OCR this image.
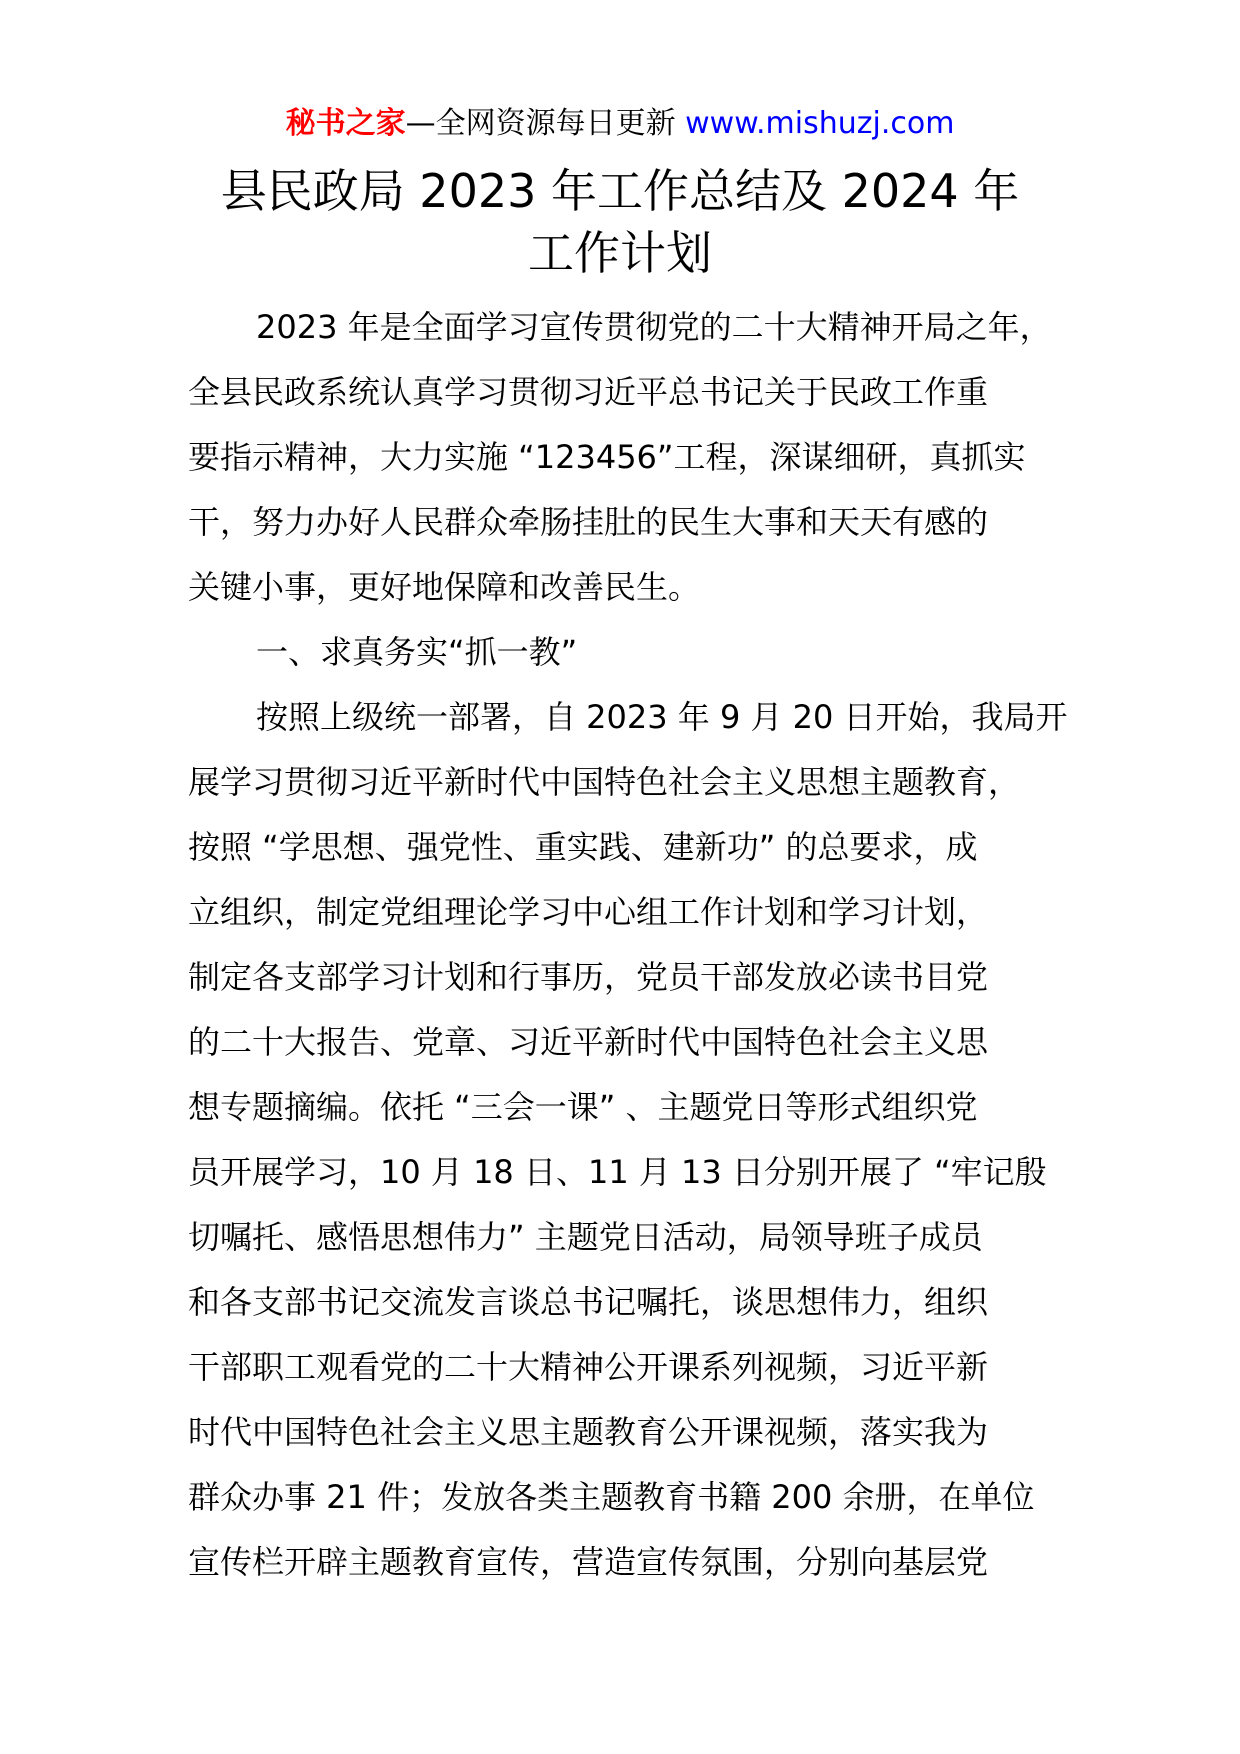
秘书之家—全网资源每日更新 www.mishuzj.com
县民政局 2023 年工作总结及 2024 年
工作计划
2023 年是全面学习宣传贯彻党的二十大精神开局之年，
全县民政系统认真学习贯彻习近平总书记关于民政工作重
要指示精神，大力实施 “123456”工程，深谋细研，真抓实
干，努力办好人民群众牵肠挂肚的民生大事和天天有感的
关键小事，更好地保障和改善民生。
一、求真务实“抓一教”
按照上级统一部署，自 2023 年 9 月 20 日开始，我局开
展学习贯彻习近平新时代中国特色社会主义思想主题教育，
按照 “学思想、强党性、重实践、建新功” 的总要求，成
立组织，制定党组理论学习中心组工作计划和学习计划，
制定各支部学习计划和行事历，党员干部发放必读书目党
的二十大报告、党章、习近平新时代中国特色社会主义思
想专题摘编。依托 “三会一课” 、主题党日等形式组织党
员开展学习，10 月 18 日、11 月 13 日分别开展了 “牢记殷
切嘱托、感悟思想伟力” 主题党日活动，局领导班子成员
和各支部书记交流发言谈总书记嘱托，谈思想伟力，组织
干部职工观看党的二十大精神公开课系列视频，习近平新
时代中国特色社会主义思主题教育公开课视频，落实我为
群众办事 21 件；发放各类主题教育书籍 200 余册，在单位
宣传栏开辟主题教育宣传，营造宣传氛围，分别向基层党
